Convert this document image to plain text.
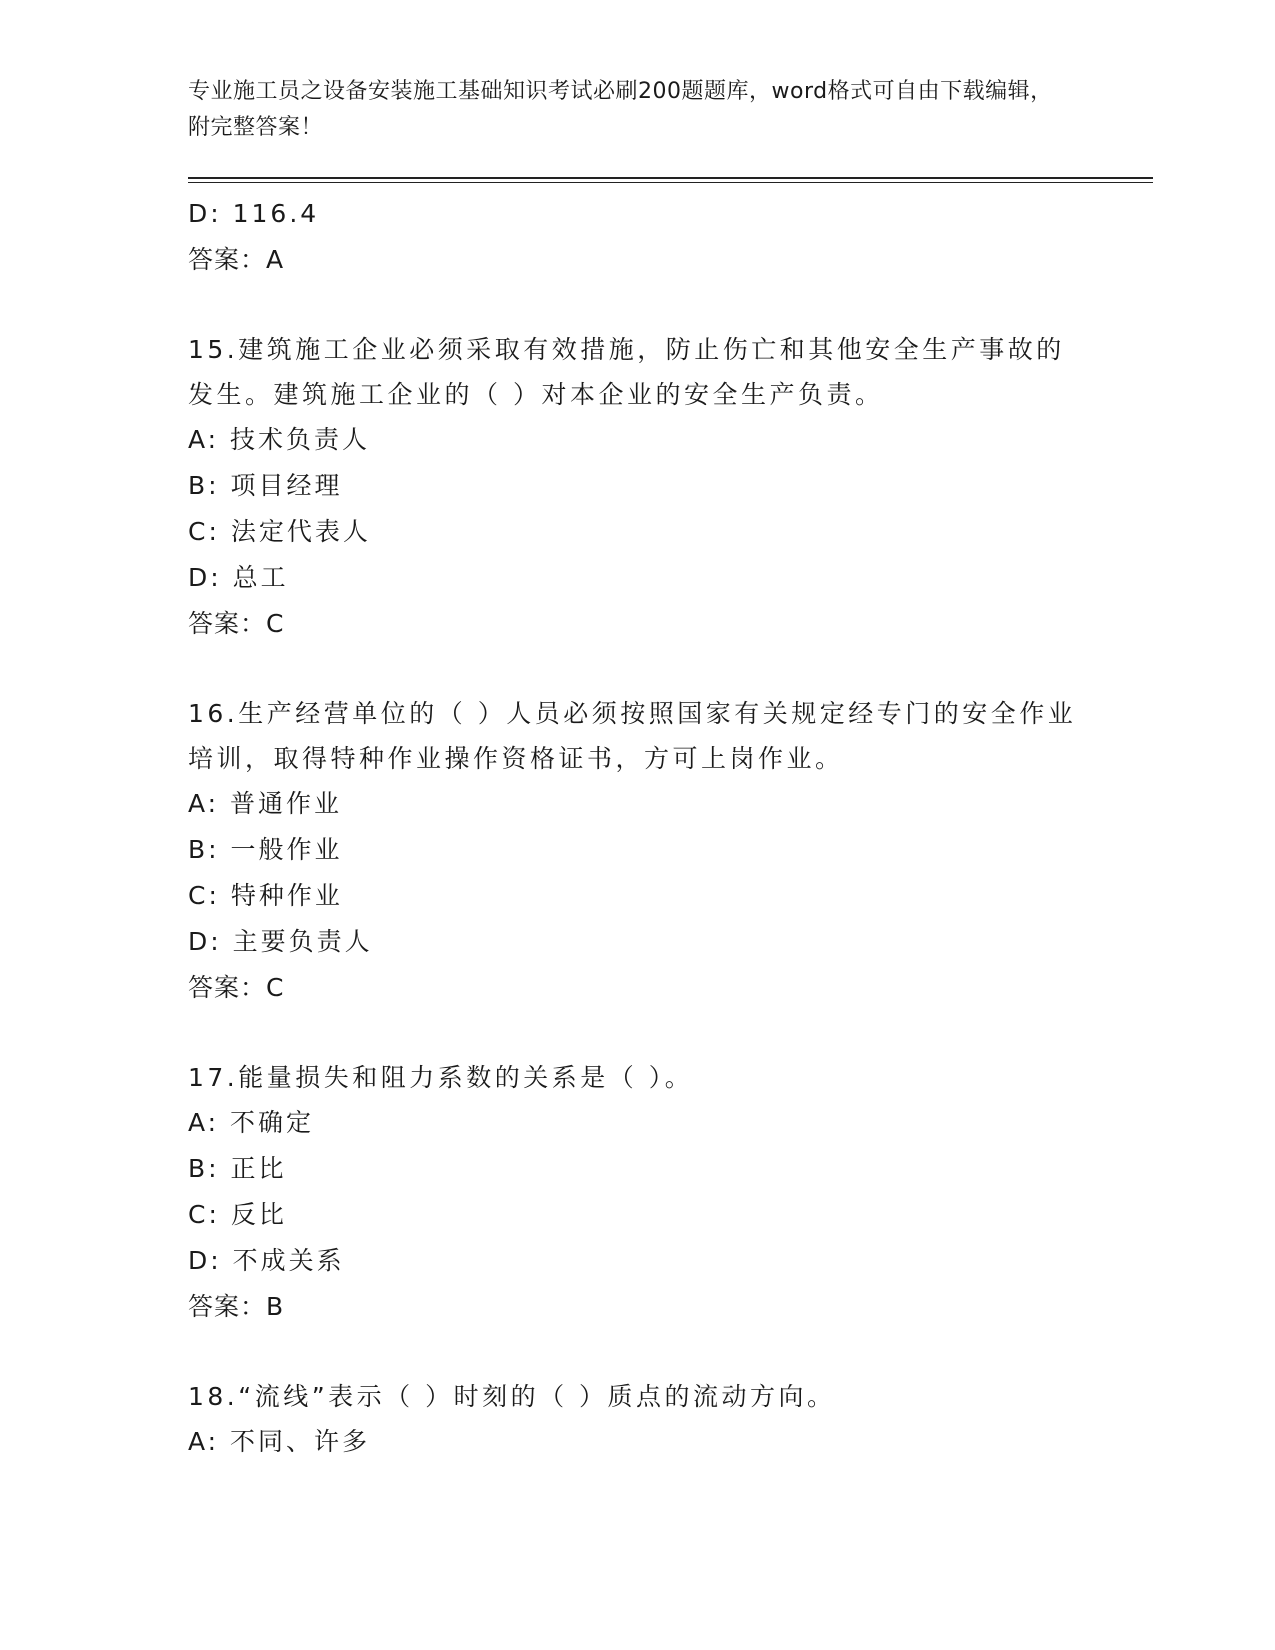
专业施工员之设备安装施工基础知识考试必刷200题题库，word格式可自由下载编辑，附完整答案！
D: 116.4
答案：A
15.建筑施工企业必须采取有效措施，防止伤亡和其他安全生产事故的发生。建筑施工企业的（ ）对本企业的安全生产负责。
A: 技术负责人
B: 项目经理
C: 法定代表人
D: 总工
答案：C
16.生产经营单位的（ ）人员必须按照国家有关规定经专门的安全作业培训，取得特种作业操作资格证书，方可上岗作业。
A: 普通作业
B: 一般作业
C: 特种作业
D: 主要负责人
答案：C
17.能量损失和阻力系数的关系是（ ）。
A: 不确定
B: 正比
C: 反比
D: 不成关系
答案：B
18.“流线”表示（ ）时刻的（ ）质点的流动方向。
A: 不同、许多
